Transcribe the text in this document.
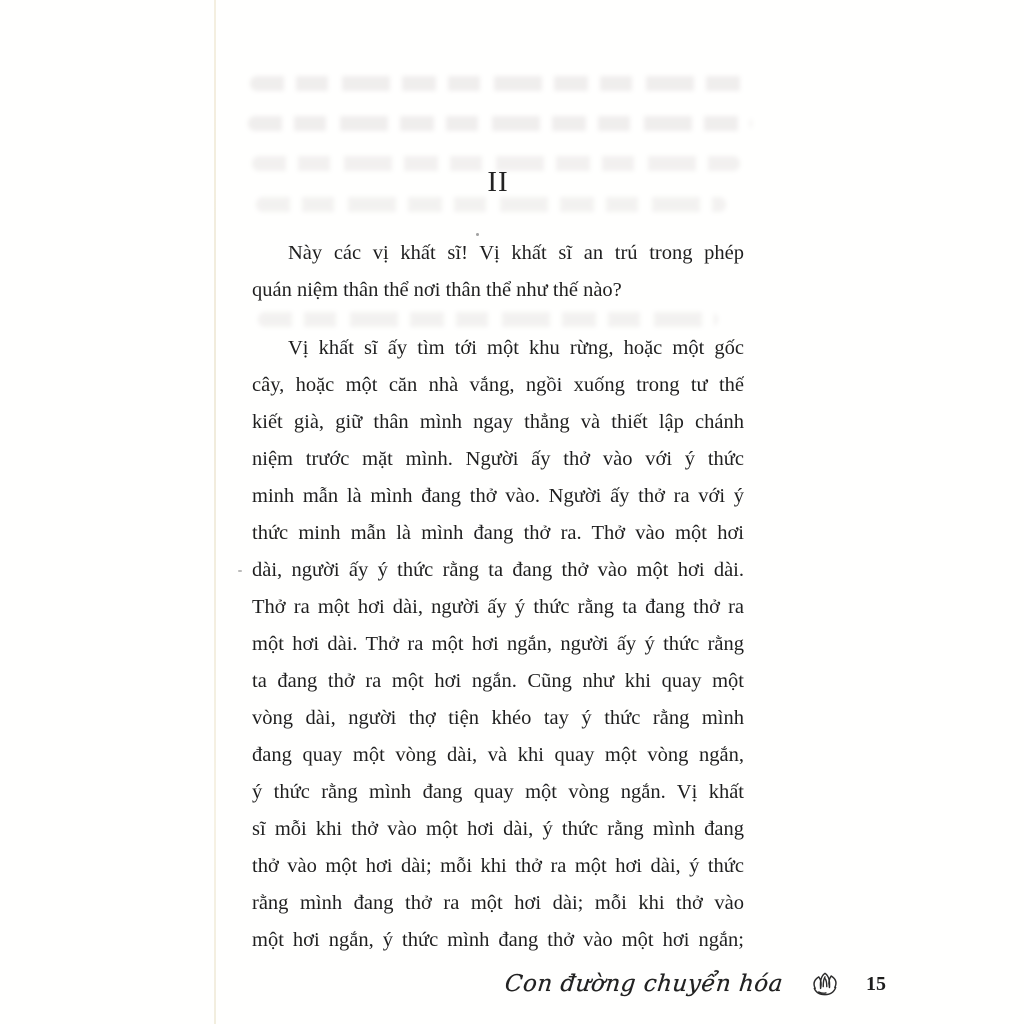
II
Này các vị khất sĩ! Vị khất sĩ an trú trong phép
quán niệm thân thể nơi thân thể như thế nào?
Vị khất sĩ ấy tìm tới một khu rừng, hoặc một gốc
cây, hoặc một căn nhà vắng, ngồi xuống trong tư thế
kiết già, giữ thân mình ngay thẳng và thiết lập chánh
niệm trước mặt mình. Người ấy thở vào với ý thức
minh mẫn là mình đang thở vào. Người ấy thở ra với ý
thức minh mẫn là mình đang thở ra. Thở vào một hơi
dài, người ấy ý thức rằng ta đang thở vào một hơi dài.
Thở ra một hơi dài, người ấy ý thức rằng ta đang thở ra
một hơi dài. Thở ra một hơi ngắn, người ấy ý thức rằng
ta đang thở ra một hơi ngắn. Cũng như khi quay một
vòng dài, người thợ tiện khéo tay ý thức rằng mình
đang quay một vòng dài, và khi quay một vòng ngắn,
ý thức rằng mình đang quay một vòng ngắn. Vị khất
sĩ mỗi khi thở vào một hơi dài, ý thức rằng mình đang
thở vào một hơi dài; mỗi khi thở ra một hơi dài, ý thức
rằng mình đang thở ra một hơi dài; mỗi khi thở vào
một hơi ngắn, ý thức mình đang thở vào một hơi ngắn;
Con đường chuyển hóa	15
